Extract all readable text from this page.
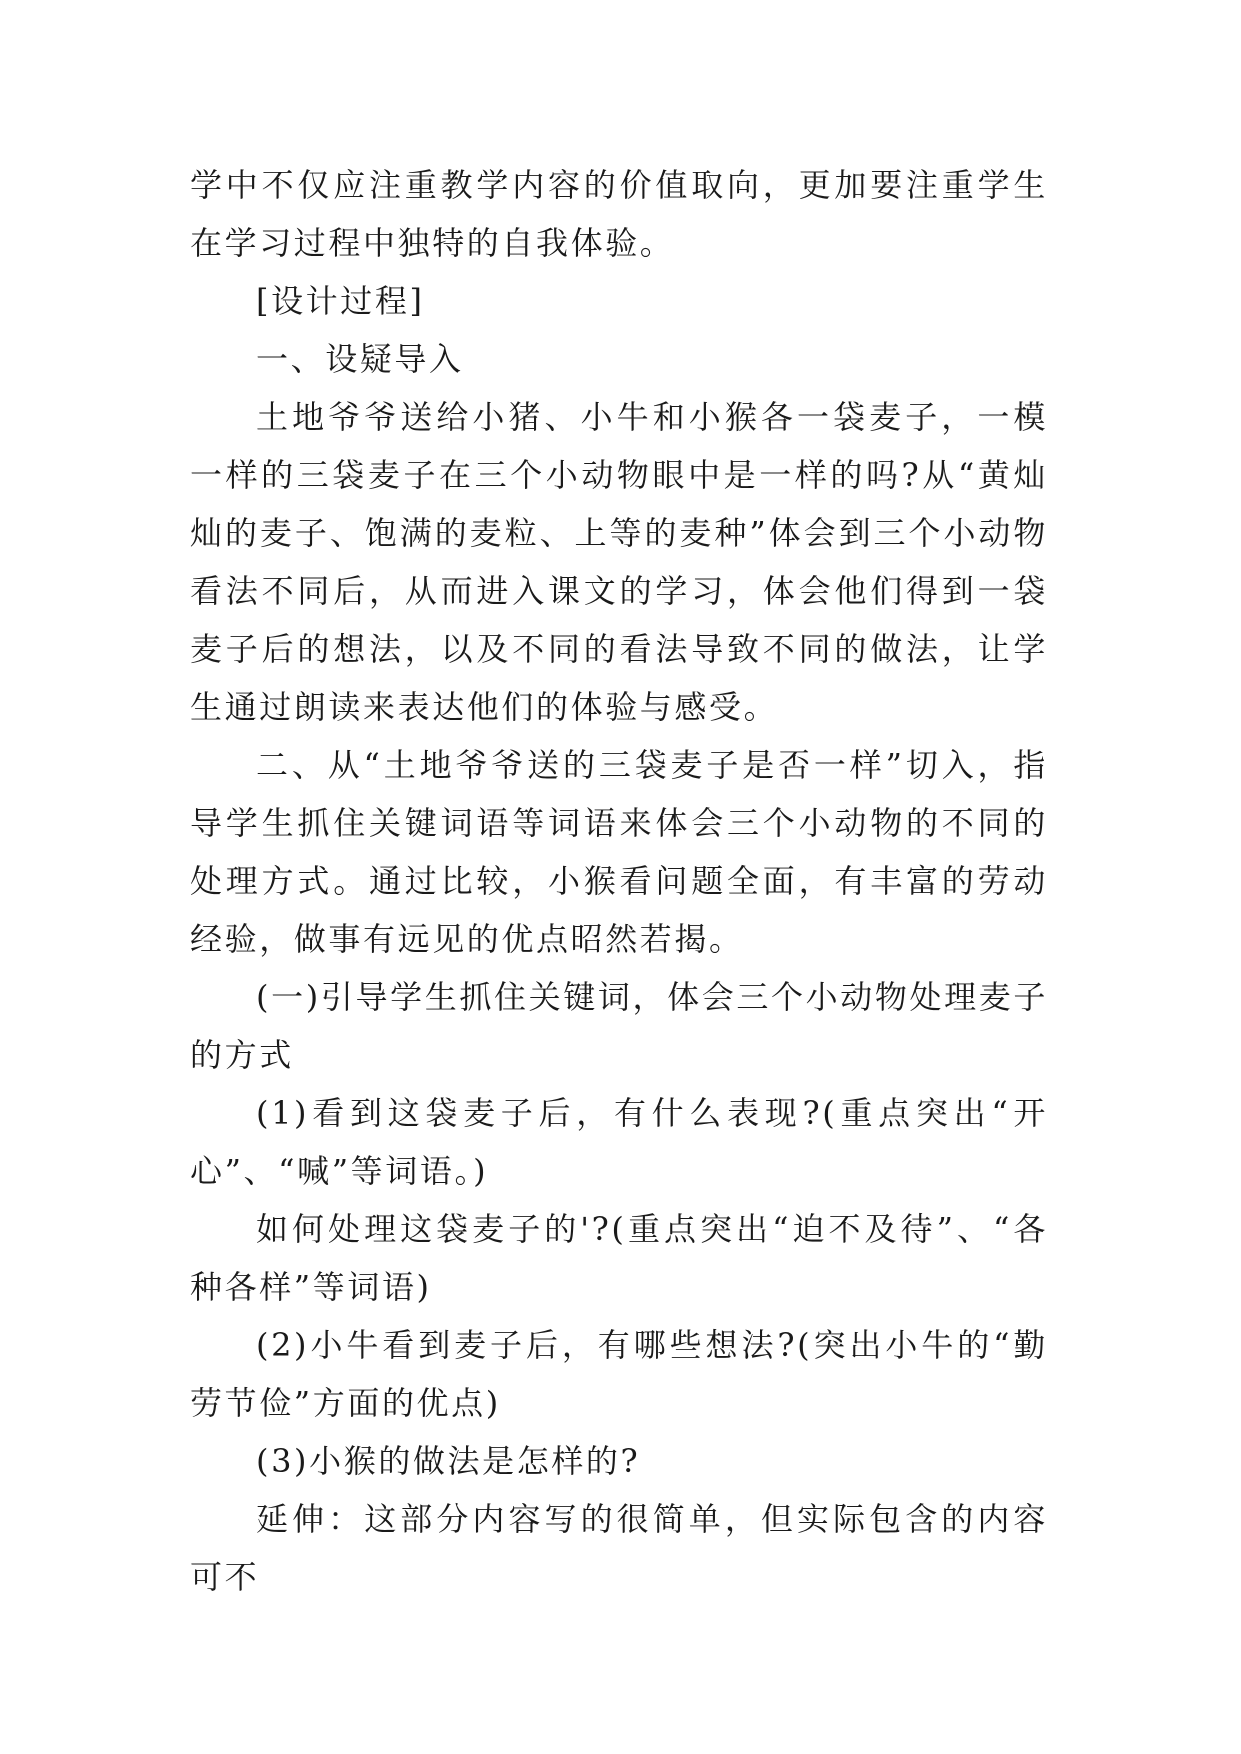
学中不仅应注重教学内容的价值取向，更加要注重学生在学习过程中独特的自我体验。

[设计过程]

一、设疑导入

土地爷爷送给小猪、小牛和小猴各一袋麦子，一模一样的三袋麦子在三个小动物眼中是一样的吗?从“黄灿灿的麦子、饱满的麦粒、上等的麦种”体会到三个小动物看法不同后，从而进入课文的学习，体会他们得到一袋麦子后的想法，以及不同的看法导致不同的做法，让学生通过朗读来表达他们的体验与感受。

二、从“土地爷爷送的三袋麦子是否一样”切入，指导学生抓住关键词语等词语来体会三个小动物的不同的处理方式。通过比较，小猴看问题全面，有丰富的劳动经验，做事有远见的优点昭然若揭。

(一)引导学生抓住关键词，体会三个小动物处理麦子的方式

(1)看到这袋麦子后，有什么表现?(重点突出“开心”、“喊”等词语。)

如何处理这袋麦子的'?(重点突出“迫不及待”、“各种各样”等词语)

(2)小牛看到麦子后，有哪些想法?(突出小牛的“勤劳节俭”方面的优点)

(3)小猴的做法是怎样的?

延伸：这部分内容写的很简单，但实际包含的内容可不
